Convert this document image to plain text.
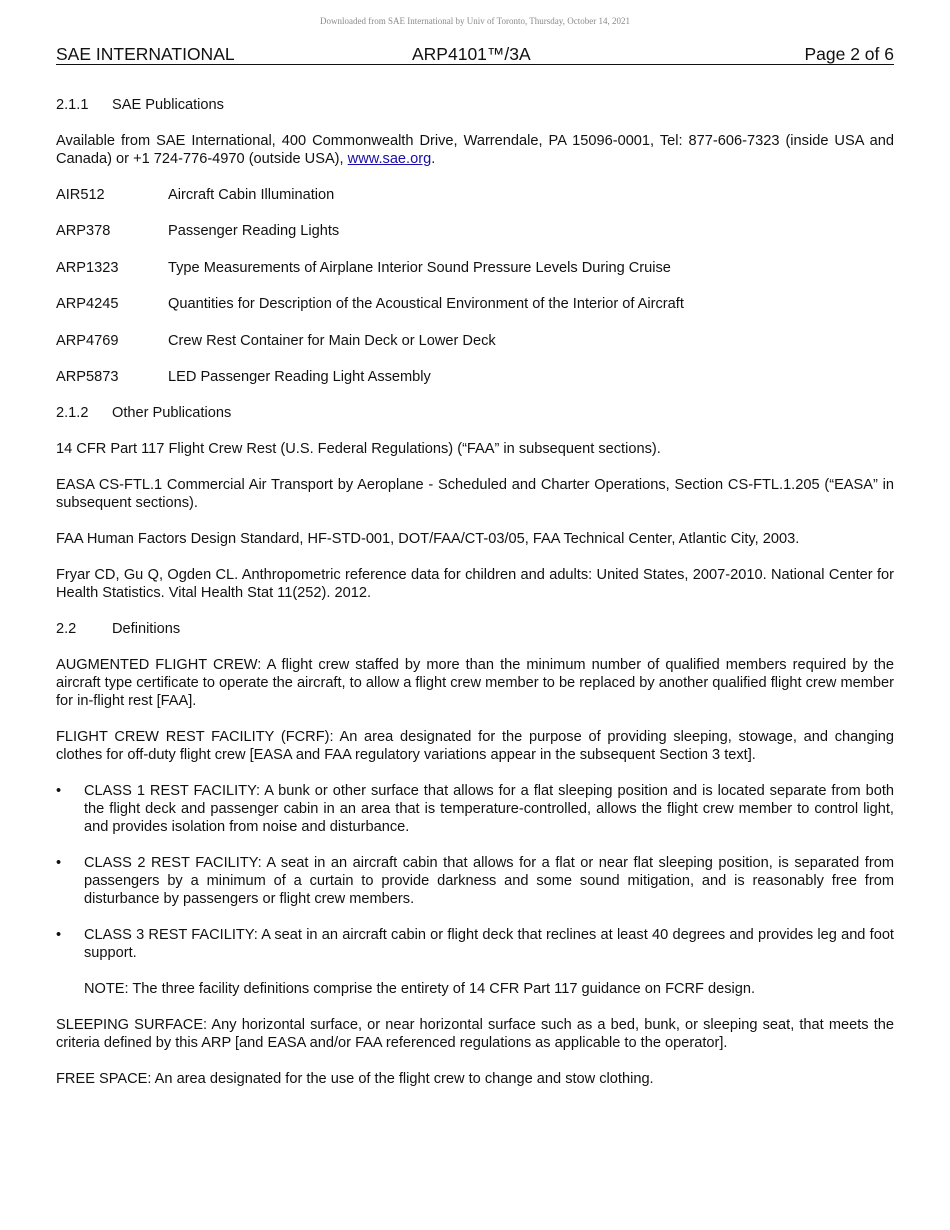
Downloaded from SAE International by Univ of Toronto, Thursday, October 14, 2021
SAE INTERNATIONAL	ARP4101™/3A	Page 2 of 6
2.1.1	SAE Publications

Available from SAE International, 400 Commonwealth Drive, Warrendale, PA 15096-0001, Tel: 877-606-7323 (inside USA and Canada) or +1 724-776-4970 (outside USA), www.sae.org.

AIR512	Aircraft Cabin Illumination
ARP378	Passenger Reading Lights
ARP1323	Type Measurements of Airplane Interior Sound Pressure Levels During Cruise
ARP4245	Quantities for Description of the Acoustical Environment of the Interior of Aircraft
ARP4769	Crew Rest Container for Main Deck or Lower Deck
ARP5873	LED Passenger Reading Light Assembly
2.1.2	Other Publications

14 CFR Part 117 Flight Crew Rest (U.S. Federal Regulations) (“FAA” in subsequent sections).

EASA CS-FTL.1 Commercial Air Transport by Aeroplane - Scheduled and Charter Operations, Section CS-FTL.1.205 (“EASA” in subsequent sections).

FAA Human Factors Design Standard, HF-STD-001, DOT/FAA/CT-03/05, FAA Technical Center, Atlantic City, 2003.

Fryar CD, Gu Q, Ogden CL. Anthropometric reference data for children and adults: United States, 2007-2010. National Center for Health Statistics. Vital Health Stat 11(252). 2012.

2.2	Definitions

AUGMENTED FLIGHT CREW: A flight crew staffed by more than the minimum number of qualified members required by the aircraft type certificate to operate the aircraft, to allow a flight crew member to be replaced by another qualified flight crew member for in-flight rest [FAA].

FLIGHT CREW REST FACILITY (FCRF): An area designated for the purpose of providing sleeping, stowage, and changing clothes for off-duty flight crew [EASA and FAA regulatory variations appear in the subsequent Section 3 text].

•	CLASS 1 REST FACILITY: A bunk or other surface that allows for a flat sleeping position and is located separate from both the flight deck and passenger cabin in an area that is temperature-controlled, allows the flight crew member to control light, and provides isolation from noise and disturbance.
•	CLASS 2 REST FACILITY: A seat in an aircraft cabin that allows for a flat or near flat sleeping position, is separated from passengers by a minimum of a curtain to provide darkness and some sound mitigation, and is reasonably free from disturbance by passengers or flight crew members.
•	CLASS 3 REST FACILITY: A seat in an aircraft cabin or flight deck that reclines at least 40 degrees and provides leg and foot support.

NOTE: The three facility definitions comprise the entirety of 14 CFR Part 117 guidance on FCRF design.

SLEEPING SURFACE: Any horizontal surface, or near horizontal surface such as a bed, bunk, or sleeping seat, that meets the criteria defined by this ARP [and EASA and/or FAA referenced regulations as applicable to the operator].

FREE SPACE: An area designated for the use of the flight crew to change and stow clothing.
